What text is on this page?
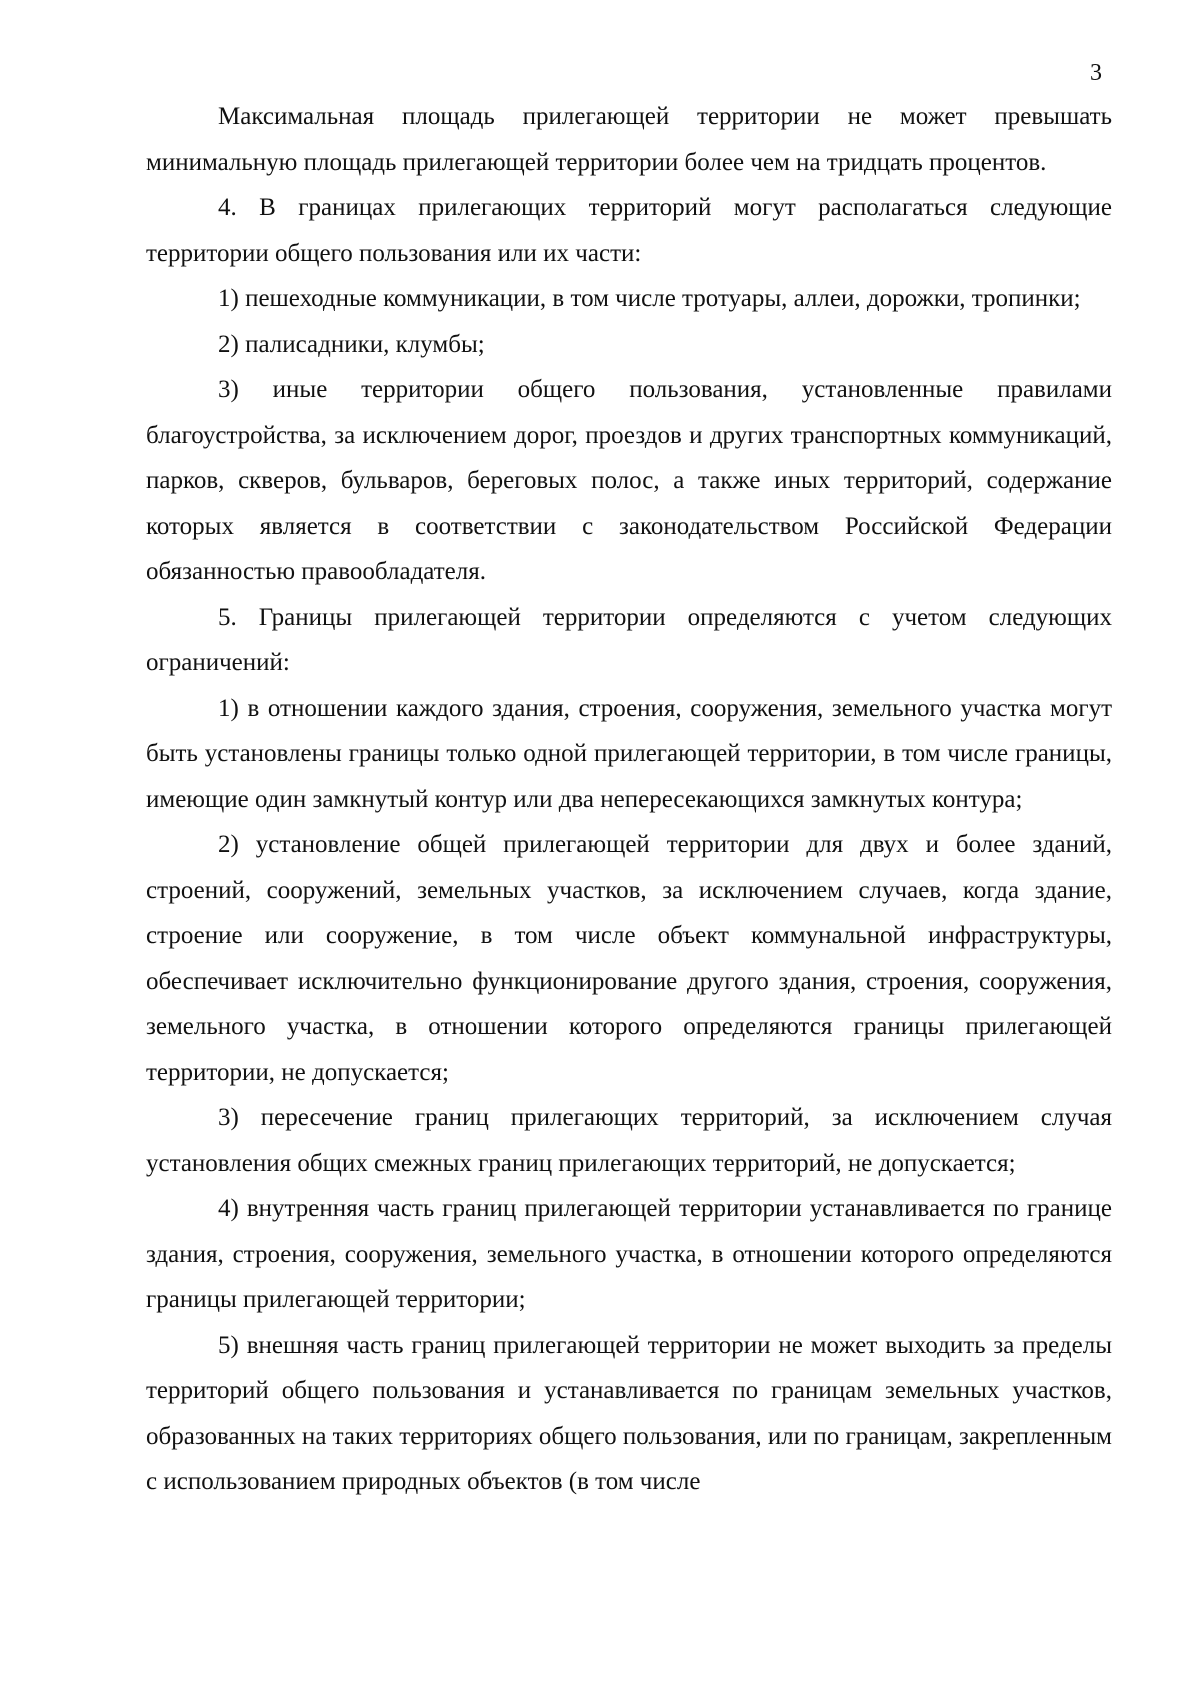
3

Максимальная площадь прилегающей территории не может превышать минимальную площадь прилегающей территории более чем на тридцать процентов.

4. В границах прилегающих территорий могут располагаться следующие территории общего пользования или их части:

1) пешеходные коммуникации, в том числе тротуары, аллеи, дорожки, тропинки;

2) палисадники, клумбы;

3) иные территории общего пользования, установленные правилами благоустройства, за исключением дорог, проездов и других транспортных коммуникаций, парков, скверов, бульваров, береговых полос, а также иных территорий, содержание которых является в соответствии с законодательством Российской Федерации обязанностью правообладателя.

5. Границы прилегающей территории определяются с учетом следующих ограничений:

1) в отношении каждого здания, строения, сооружения, земельного участка могут быть установлены границы только одной прилегающей территории, в том числе границы, имеющие один замкнутый контур или два непересекающихся замкнутых контура;

2) установление общей прилегающей территории для двух и более зданий, строений, сооружений, земельных участков, за исключением случаев, когда здание, строение или сооружение, в том числе объект коммунальной инфраструктуры, обеспечивает исключительно функционирование другого здания, строения, сооружения, земельного участка, в отношении которого определяются границы прилегающей территории, не допускается;

3) пересечение границ прилегающих территорий, за исключением случая установления общих смежных границ прилегающих территорий, не допускается;

4) внутренняя часть границ прилегающей территории устанавливается по границе здания, строения, сооружения, земельного участка, в отношении которого определяются границы прилегающей территории;

5) внешняя часть границ прилегающей территории не может выходить за пределы территорий общего пользования и устанавливается по границам земельных участков, образованных на таких территориях общего пользования, или по границам, закрепленным с использованием природных объектов (в том числе
